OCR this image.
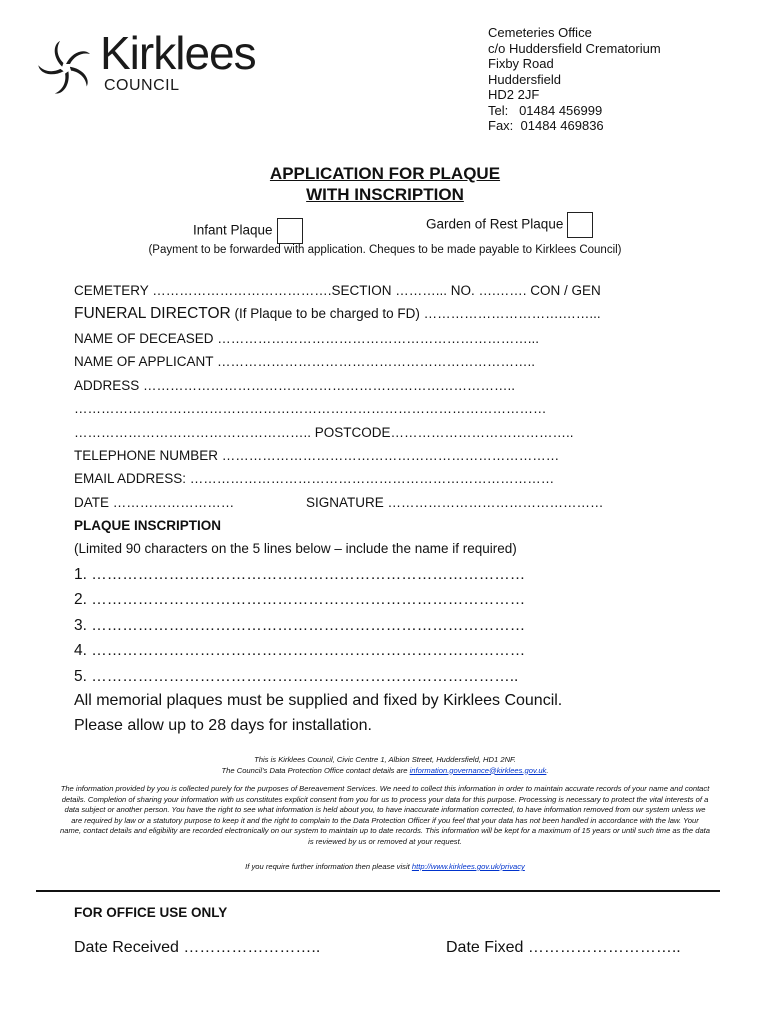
Kirklees
COUNCIL
Cemeteries Office
c/o Huddersfield Crematorium
Fixby Road
Huddersfield
HD2 2JF
Tel:   01484 456999
Fax:  01484 469836
APPLICATION FOR PLAQUE
WITH INSCRIPTION
Infant Plaque	Garden of Rest Plaque
(Payment to be forwarded with application. Cheques to be made payable to Kirklees Council)
CEMETERY ………………………………….SECTION ………... NO. ….……. CON / GEN
FUNERAL DIRECTOR (If Plaque to be charged to FD) ………………………….……...
NAME OF DECEASED ……………………………………………………………...
NAME OF APPLICANT ……………………………………………………………..
ADDRESS ………………………………………………………………………..
……………………………………………………………………………………………
…………………………………………….. POSTCODE…………………………………..
TELEPHONE NUMBER …………………………………………………………………
EMAIL ADDRESS: ………………………………………………………………………
DATE ………………………	SIGNATURE …………………………………………
PLAQUE INSCRIPTION
(Limited 90 characters on the 5 lines below – include the name if required)
1. …………………………………………………………………………
2. …………………………………………………………………………
3. …………………………………………………………………………
4. …………………………………………………………………………
5. ………………………………………………………………………..
All memorial plaques must be supplied and fixed by Kirklees Council.
Please allow up to 28 days for installation.
This is Kirklees Council, Civic Centre 1, Albion Street, Huddersfield, HD1 2NF.
The Council’s Data Protection Office contact details are information.governance@kirklees.gov.uk.
The information provided by you is collected purely for the purposes of Bereavement Services. We need to collect this information in order to maintain accurate records of your name and contact details. Completion of sharing your information with us constitutes explicit consent from you for us to process your data for this purpose. Processing is necessary to protect the vital interests of a data subject or another person. You have the right to see what information is held about you, to have inaccurate information corrected, to have information removed from our system unless we are required by law or a statutory purpose to keep it and the right to complain to the Data Protection Officer if you feel that your data has not been handled in accordance with the law. Your name, contact details and eligibility are recorded electronically on our system to maintain up to date records. This information will be kept for a maximum of 15 years or until such time as the data is reviewed by us or removed at your request.
If you require further information then please visit http://www.kirklees.gov.uk/privacy
FOR OFFICE USE ONLY
Date Received ……………………..	Date Fixed ………………………..
